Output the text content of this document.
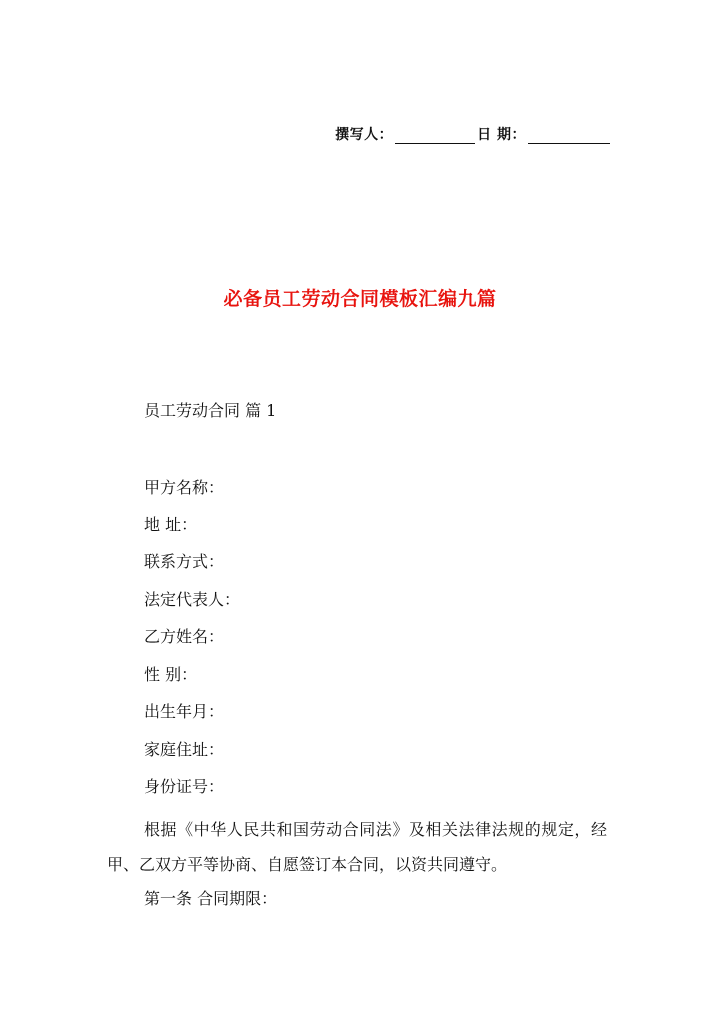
撰写人：	日 期：
必备员工劳动合同模板汇编九篇
员工劳动合同 篇 1
甲方名称：
地 址：
联系方式：
法定代表人：
乙方姓名：
性 别：
出生年月：
家庭住址：
身份证号：
根据《中华人民共和国劳动合同法》及相关法律法规的规定，经甲、乙双方平等协商、自愿签订本合同，以资共同遵守。
第一条 合同期限：
